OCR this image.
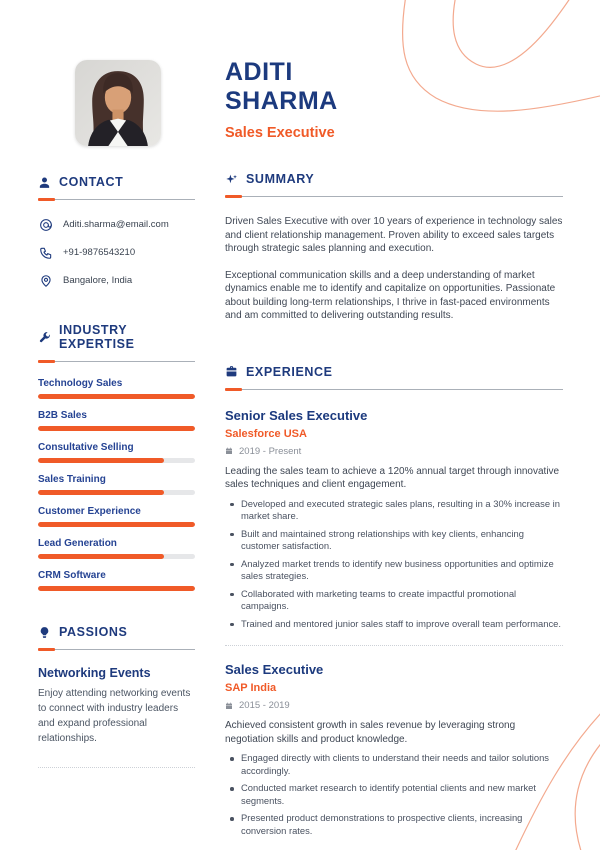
CONTACT
Aditi.sharma@email.com
+91-9876543210
Bangalore, India
INDUSTRY EXPERTISE
Technology Sales
B2B Sales
Consultative Selling
Sales Training
Customer Experience
Lead Generation
CRM Software
PASSIONS
Networking Events
Enjoy attending networking events to connect with industry leaders and expand professional relationships.
ADITI
SHARMA
Sales Executive
SUMMARY

Driven Sales Executive with over 10 years of experience in technology sales and client relationship management. Proven ability to exceed sales targets through strategic sales planning and execution.

Exceptional communication skills and a deep understanding of market dynamics enable me to identify and capitalize on opportunities. Passionate about building long-term relationships, I thrive in fast-paced environments and am committed to delivering outstanding results.

EXPERIENCE
Senior Sales Executive
Salesforce USA
2019 - Present
Leading the sales team to achieve a 120% annual target through innovative sales techniques and client engagement.
Developed and executed strategic sales plans, resulting in a 30% increase in market share.
Built and maintained strong relationships with key clients, enhancing customer satisfaction.
Analyzed market trends to identify new business opportunities and optimize sales strategies.
Collaborated with marketing teams to create impactful promotional campaigns.
Trained and mentored junior sales staff to improve overall team performance.
Sales Executive
SAP India
2015 - 2019
Achieved consistent growth in sales revenue by leveraging strong negotiation skills and product knowledge.
Engaged directly with clients to understand their needs and tailor solutions accordingly.
Conducted market research to identify potential clients and new market segments.
Presented product demonstrations to prospective clients, increasing conversion rates.
